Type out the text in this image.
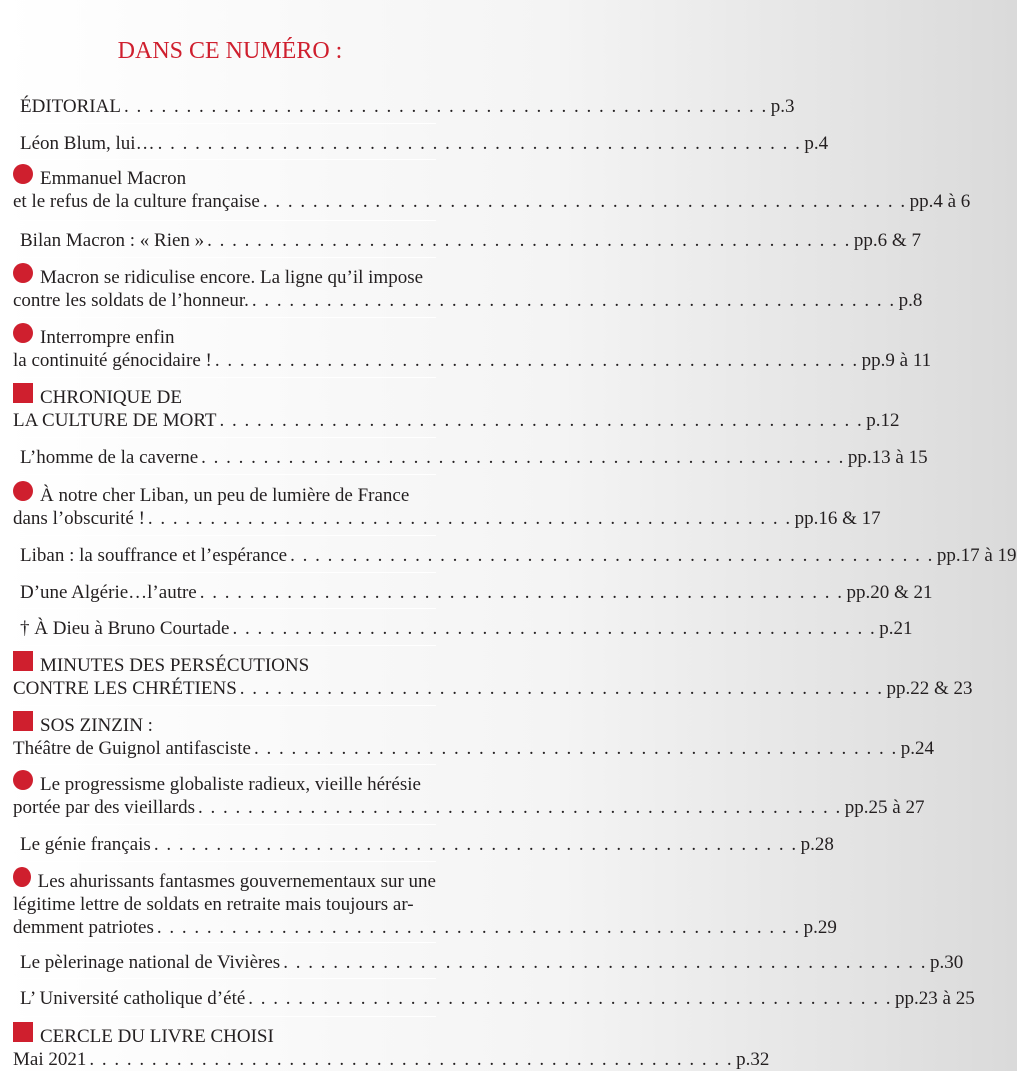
DANS CE NUMÉRO :
ÉDITORIAL . . . . . . . . . . . . . . . . . . . . . . . . . . . . . . . . . . . . . . . . . . . . . . . . . . . . p.3
Léon Blum, lui… . . . . . . . . . . . . . . . . . . . . . . . . . . . . . . . . . . . . . . . . . . . . . . . . . . . . p.4
Emmanuel Macron
et le refus de la culture française . . . . . . . . . . . . . . . . . . . . . . . . . . . . . . . . . . . . . . . . . . . . . . . . . . . . pp.4 à 6
Bilan Macron : « Rien » . . . . . . . . . . . . . . . . . . . . . . . . . . . . . . . . . . . . . . . . . . . . . . . . . . . . pp.6 & 7
Macron se ridiculise encore. La ligne qu’il impose
contre les soldats de l’honneur. . . . . . . . . . . . . . . . . . . . . . . . . . . . . . . . . . . . . . . . . . . . . . . . . . . . . p.8
Interrompre enfin
la continuité génocidaire ! . . . . . . . . . . . . . . . . . . . . . . . . . . . . . . . . . . . . . . . . . . . . . . . . . . . . pp.9 à 11
CHRONIQUE DE
LA CULTURE DE MORT . . . . . . . . . . . . . . . . . . . . . . . . . . . . . . . . . . . . . . . . . . . . . . . . . . . . p.12
L’homme de la caverne . . . . . . . . . . . . . . . . . . . . . . . . . . . . . . . . . . . . . . . . . . . . . . . . . . . . pp.13 à 15
À notre cher Liban, un peu de lumière de France
dans l’obscurité ! . . . . . . . . . . . . . . . . . . . . . . . . . . . . . . . . . . . . . . . . . . . . . . . . . . . . pp.16 & 17
Liban : la souffrance et l’espérance . . . . . . . . . . . . . . . . . . . . . . . . . . . . . . . . . . . . . . . . . . . . . . . . . . . . pp.17 à 19
D’une Algérie…l’autre . . . . . . . . . . . . . . . . . . . . . . . . . . . . . . . . . . . . . . . . . . . . . . . . . . . . pp.20 & 21
† À Dieu à Bruno Courtade . . . . . . . . . . . . . . . . . . . . . . . . . . . . . . . . . . . . . . . . . . . . . . . . . . . . p.21
MINUTES DES PERSÉCUTIONS
CONTRE LES CHRÉTIENS . . . . . . . . . . . . . . . . . . . . . . . . . . . . . . . . . . . . . . . . . . . . . . . . . . . . pp.22 & 23
SOS ZINZIN :
Théâtre de Guignol antifasciste . . . . . . . . . . . . . . . . . . . . . . . . . . . . . . . . . . . . . . . . . . . . . . . . . . . . p.24
Le progressisme globaliste radieux, vieille hérésie
portée par des vieillards . . . . . . . . . . . . . . . . . . . . . . . . . . . . . . . . . . . . . . . . . . . . . . . . . . . . pp.25 à 27
Le génie français . . . . . . . . . . . . . . . . . . . . . . . . . . . . . . . . . . . . . . . . . . . . . . . . . . . . p.28
Les ahurissants fantasmes gouvernementaux sur une
légitime lettre de soldats en retraite mais toujours ar-
demment patriotes . . . . . . . . . . . . . . . . . . . . . . . . . . . . . . . . . . . . . . . . . . . . . . . . . . . . p.29
Le pèlerinage national de Vivières . . . . . . . . . . . . . . . . . . . . . . . . . . . . . . . . . . . . . . . . . . . . . . . . . . . . p.30
L’ Université catholique d’été . . . . . . . . . . . . . . . . . . . . . . . . . . . . . . . . . . . . . . . . . . . . . . . . . . . . pp.23 à 25
CERCLE DU LIVRE CHOISI
Mai 2021 . . . . . . . . . . . . . . . . . . . . . . . . . . . . . . . . . . . . . . . . . . . . . . . . . . . . p.32
